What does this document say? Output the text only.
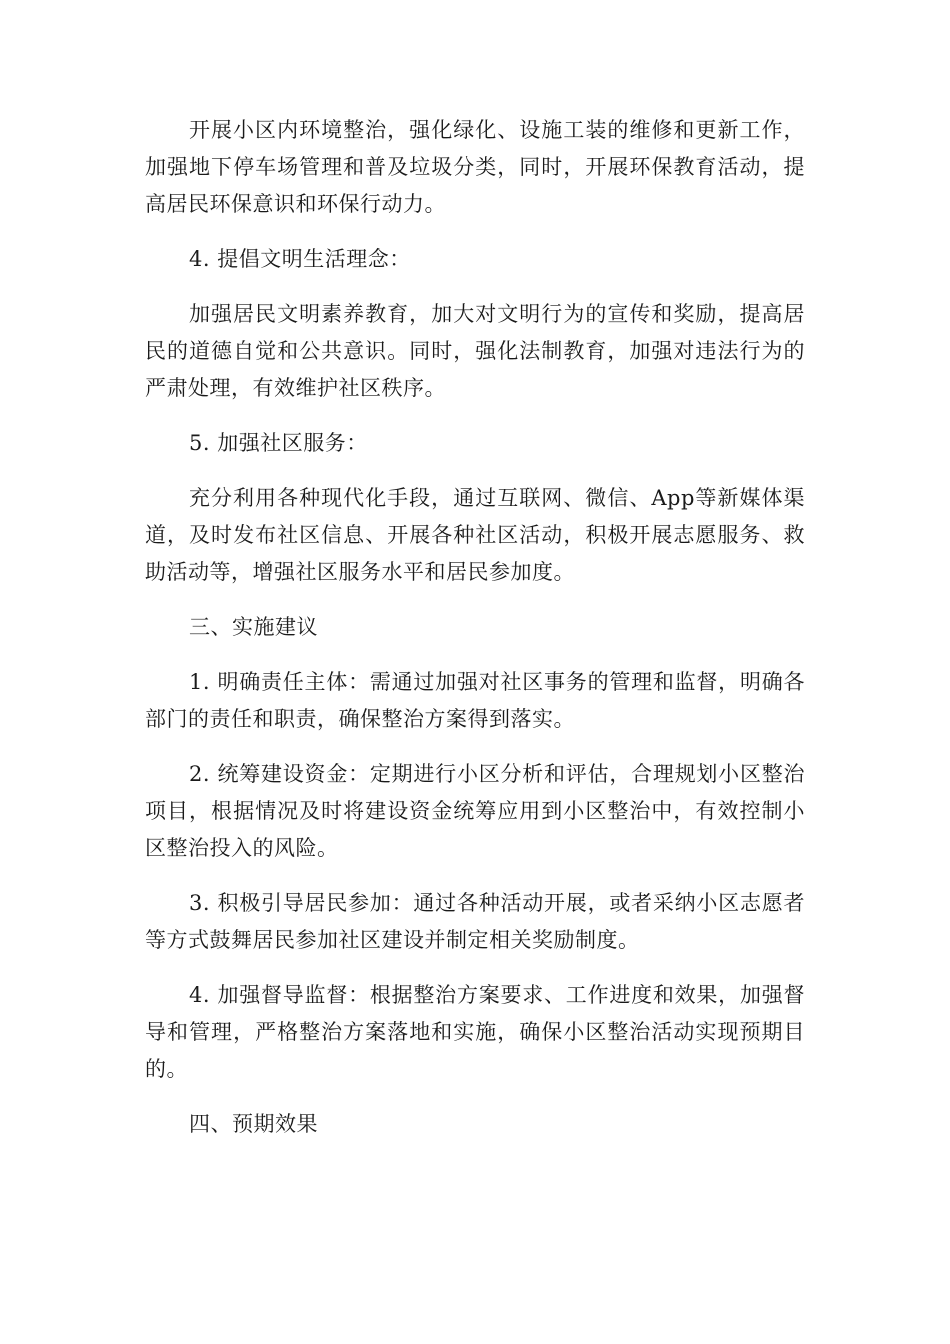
开展小区内环境整治，强化绿化、设施工装的维修和更新工作，加强地下停车场管理和普及垃圾分类，同时，开展环保教育活动，提高居民环保意识和环保行动力。

4. 提倡文明生活理念：

加强居民文明素养教育，加大对文明行为的宣传和奖励，提高居民的道德自觉和公共意识。同时，强化法制教育，加强对违法行为的严肃处理，有效维护社区秩序。

5. 加强社区服务：

充分利用各种现代化手段，通过互联网、微信、App等新媒体渠道，及时发布社区信息、开展各种社区活动，积极开展志愿服务、救助活动等，增强社区服务水平和居民参加度。

三、实施建议

1. 明确责任主体：需通过加强对社区事务的管理和监督，明确各部门的责任和职责，确保整治方案得到落实。

2. 统筹建设资金：定期进行小区分析和评估，合理规划小区整治项目，根据情况及时将建设资金统筹应用到小区整治中，有效控制小区整治投入的风险。

3. 积极引导居民参加：通过各种活动开展，或者采纳小区志愿者等方式鼓舞居民参加社区建设并制定相关奖励制度。

4. 加强督导监督：根据整治方案要求、工作进度和效果，加强督导和管理，严格整治方案落地和实施，确保小区整治活动实现预期目的。

四、预期效果
